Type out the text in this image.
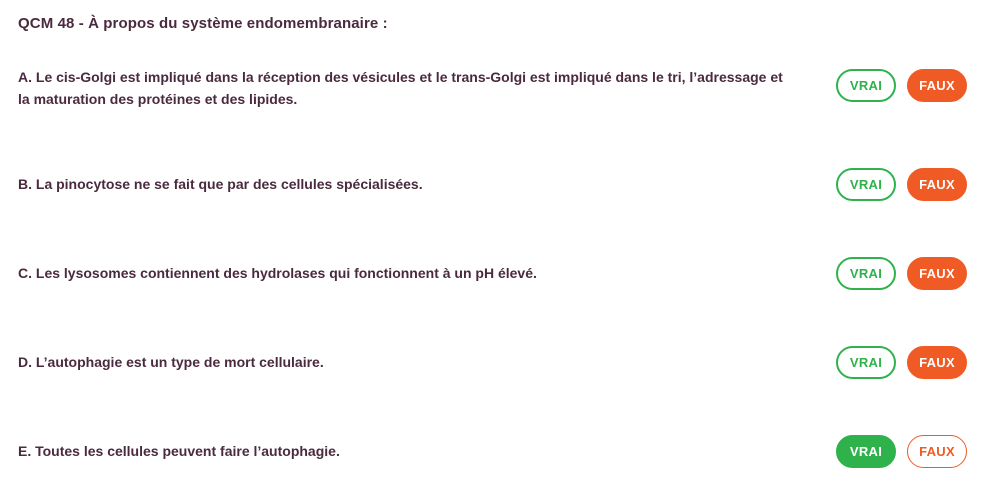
QCM 48 - À propos du système endomembranaire :
A. Le cis-Golgi est impliqué dans la réception des vésicules et le trans-Golgi est impliqué dans le tri, l’adressage et la maturation des protéines et des lipides.
VRAI	FAUX
B. La pinocytose ne se fait que par des cellules spécialisées.	VRAI	FAUX
C. Les lysosomes contiennent des hydrolases qui fonctionnent à un pH élevé.	VRAI	FAUX
D. L’autophagie est un type de mort cellulaire.	VRAI	FAUX
E. Toutes les cellules peuvent faire l’autophagie.	VRAI	FAUX
